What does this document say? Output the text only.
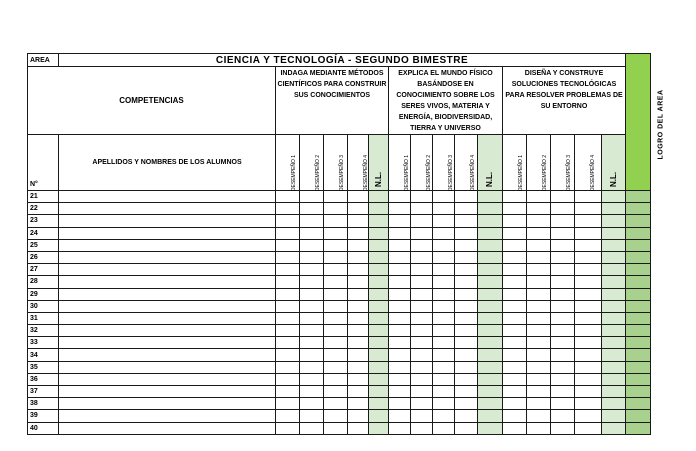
AREA	CIENCIA Y TECNOLOGÍA - SEGUNDO BIMESTRE																LOGRO DEL AREA
COMPETENCIAS		INDAGA MEDIANTE MÉTODOS CIENTÍFICOS PARA CONSTRUIR SUS CONOCIMIENTOS					EXPLICA EL MUNDO FÍSICO BASÁNDOSE EN CONOCIMIENTO SOBRE LOS SERES VIVOS, MATERIA Y ENERGÍA, BIODIVERSIDAD, TIERRA Y UNIVERSO					DISEÑA Y CONSTRUYE SOLUCIONES TECNOLÓGICAS PARA RESOLVER PROBLEMAS DE SU ENTORNO					
N°	APELLIDOS Y NOMBRES DE LOS ALUMNOS	DESEMPEÑO 1	DESEMPEÑO 2	DESEMPEÑO 3	DESEMPEÑO 4	N.L.	DESEMPEÑO 1	DESEMPEÑO 2	DESEMPEÑO 3	DESEMPEÑO 4	N.L.	DESEMPEÑO 1	DESEMPEÑO 2	DESEMPEÑO 3	DESEMPEÑO 4	N.L.	
21																	
22																	
23																	
24																	
25																	
26																	
27																	
28																	
29																	
30																	
31																	
32																	
33																	
34																	
35																	
36																	
37																	
38																	
39																	
40																	
